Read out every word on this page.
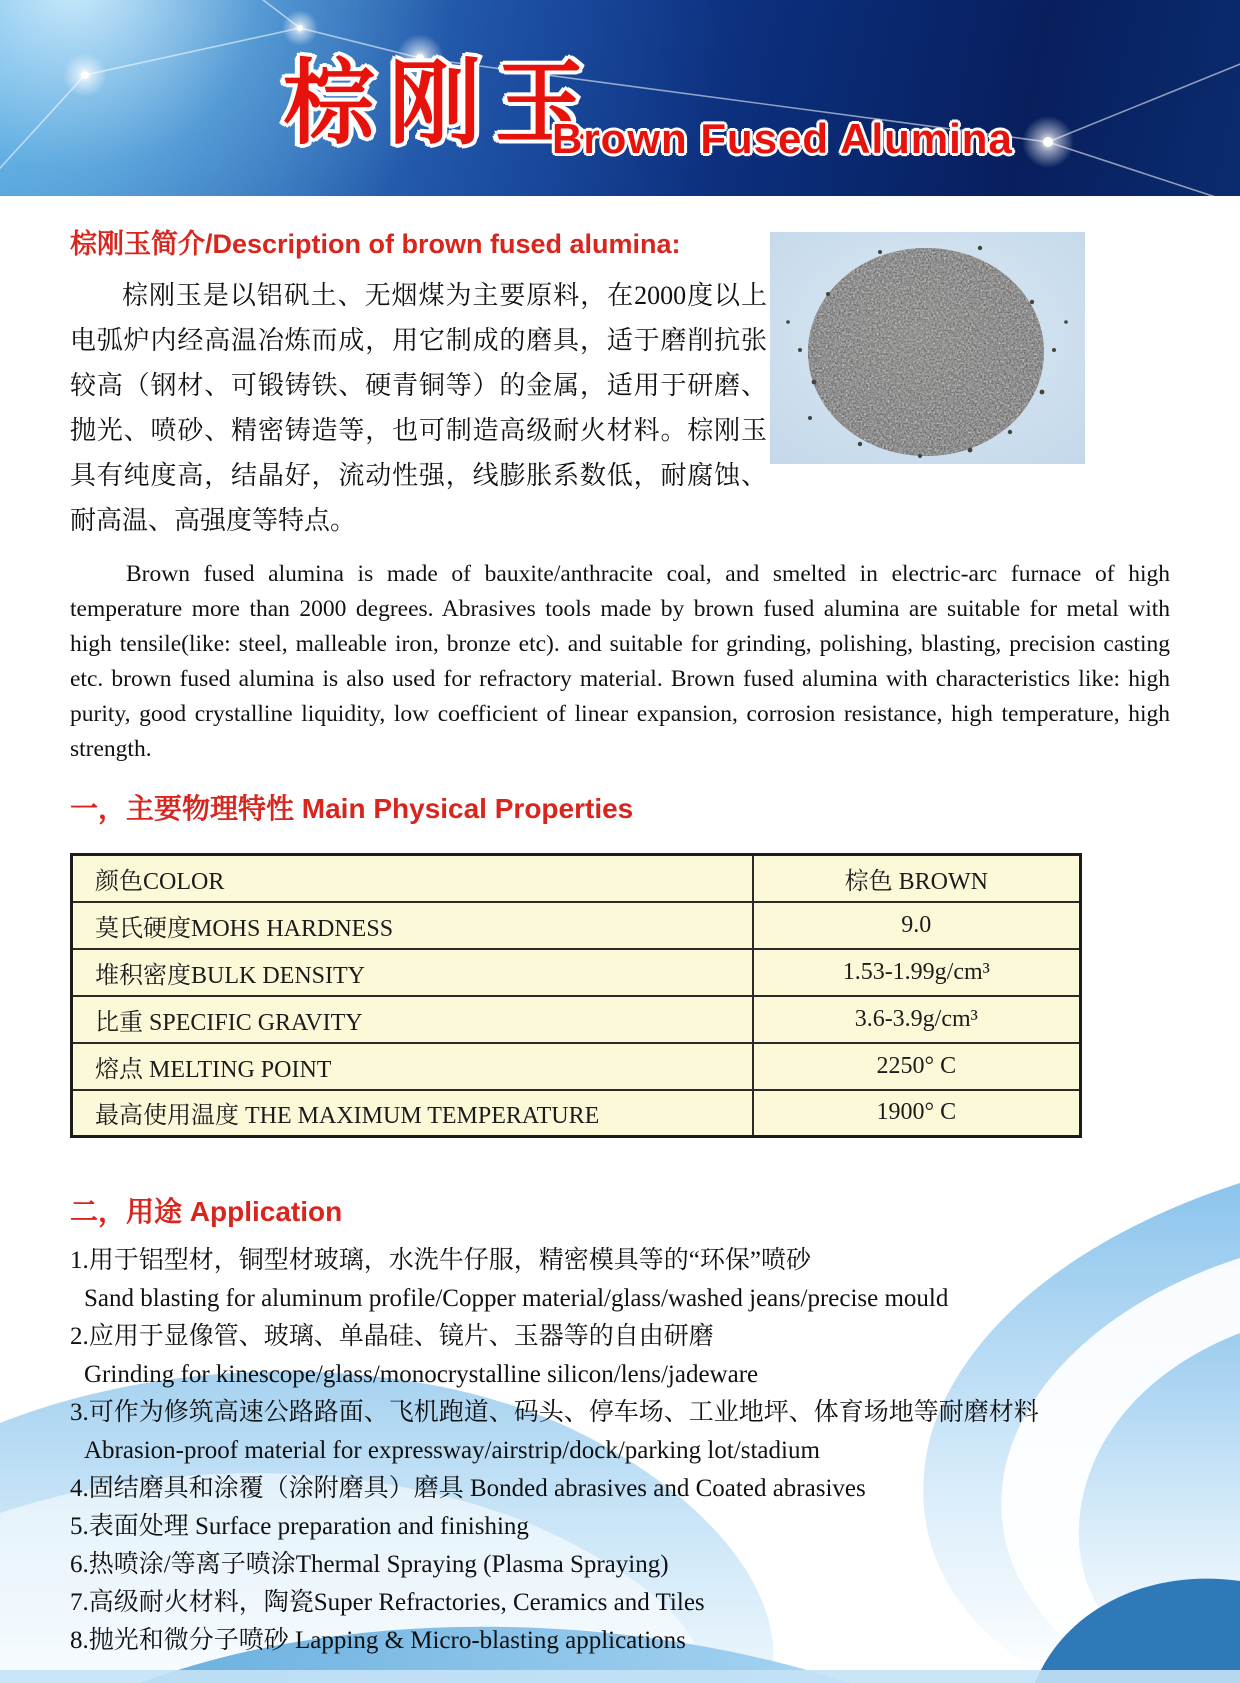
棕刚玉
Brown Fused Alumina
棕刚玉简介/Description of brown fused alumina:
棕刚玉是以铝矾土、无烟煤为主要原料，在2000度以上电弧炉内经高温冶炼而成，用它制成的磨具，适于磨削抗张较高（钢材、可锻铸铁、硬青铜等）的金属，适用于研磨、抛光、喷砂、精密铸造等，也可制造高级耐火材料。棕刚玉具有纯度高，结晶好，流动性强，线膨胀系数低，耐腐蚀、耐高温、高强度等特点。
Brown fused alumina is made of bauxite/anthracite coal, and smelted in electric-arc furnace of high temperature more than 2000 degrees. Abrasives tools made by brown fused alumina are suitable for metal with high tensile(like: steel, malleable iron, bronze etc). and suitable for grinding, polishing, blasting, precision casting etc. brown fused alumina is also used for refractory material. Brown fused alumina with characteristics like: high purity, good crystalline liquidity, low coefficient of linear expansion, corrosion resistance, high temperature, high strength.
一，主要物理特性 Main Physical Properties
颜色COLOR	棕色 BROWN
莫氏硬度MOHS HARDNESS	9.0
堆积密度BULK DENSITY	1.53-1.99g/cm³
比重 SPECIFIC GRAVITY	3.6-3.9g/cm³
熔点 MELTING POINT	2250° C
最高使用温度 THE MAXIMUM TEMPERATURE	1900° C
二，用途 Application
1.用于铝型材，铜型材玻璃，水洗牛仔服，精密模具等的“环保”喷砂
Sand blasting for aluminum profile/Copper material/glass/washed jeans/precise mould
2.应用于显像管、玻璃、单晶硅、镜片、玉器等的自由研磨
Grinding for kinescope/glass/monocrystalline silicon/lens/jadeware
3.可作为修筑高速公路路面、飞机跑道、码头、停车场、工业地坪、体育场地等耐磨材料
Abrasion-proof material for expressway/airstrip/dock/parking lot/stadium
4.固结磨具和涂覆（涂附磨具）磨具 Bonded abrasives and Coated abrasives
5.表面处理 Surface preparation and finishing
6.热喷涂/等离子喷涂Thermal Spraying (Plasma Spraying)
7.高级耐火材料，陶瓷Super Refractories, Ceramics and Tiles
8.抛光和微分子喷砂 Lapping & Micro-blasting applications
